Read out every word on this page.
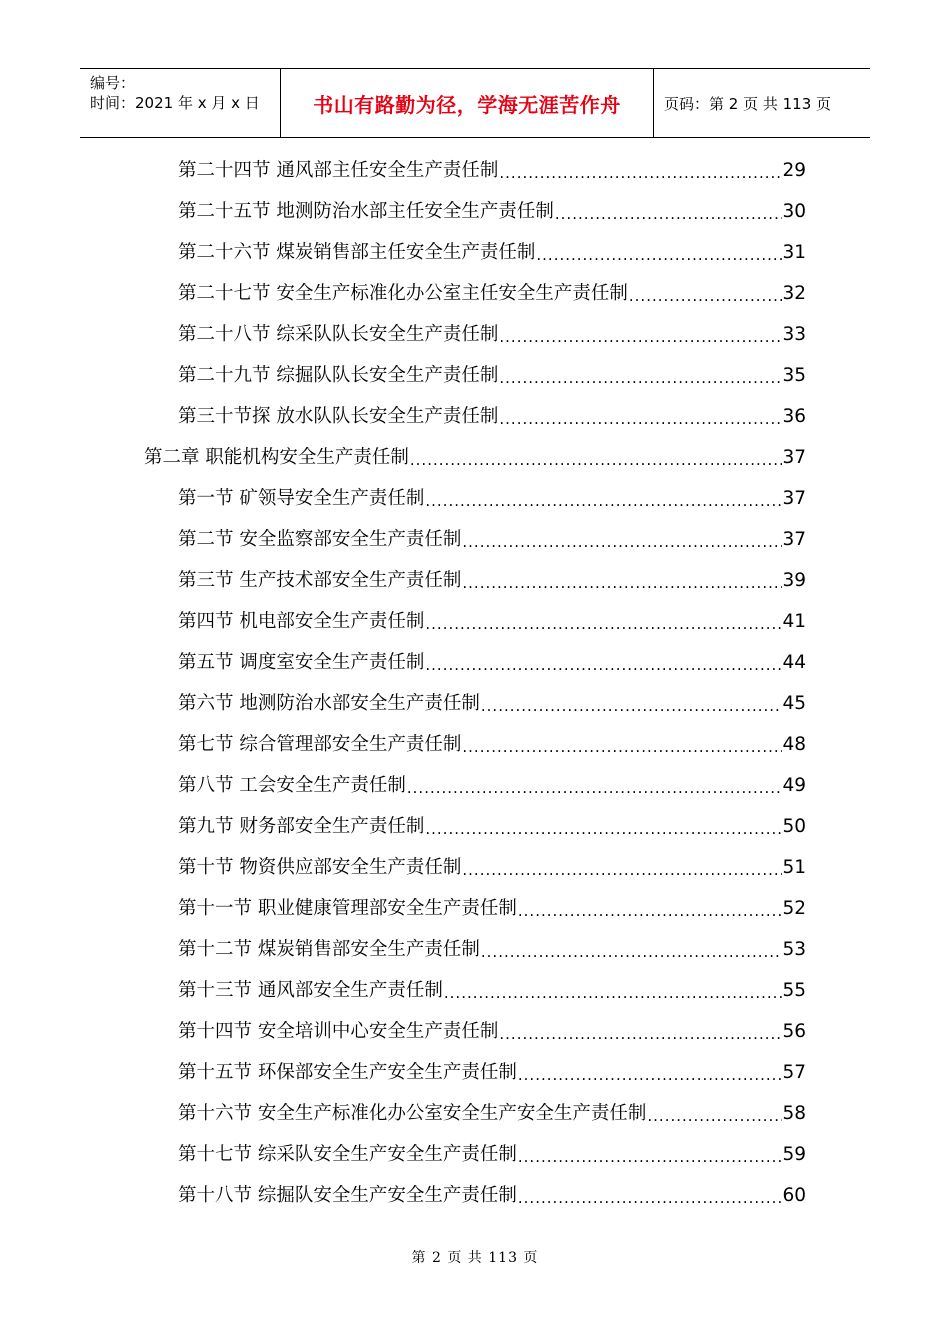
编号：
时间：2021 年 x 月 x 日	书山有路勤为径，学海无涯苦作舟	页码：第 2 页 共 113 页
第二十四节 通风部主任安全生产责任制 .....	29
第二十五节 地测防治水部主任安全生产责任制 .....	30
第二十六节 煤炭销售部主任安全生产责任制 .....	31
第二十七节 安全生产标准化办公室主任安全生产责任制 .....	32
第二十八节 综采队队长安全生产责任制 .....	33
第二十九节 综掘队队长安全生产责任制 .....	35
第三十节探 放水队队长安全生产责任制 .....	36
第二章 职能机构安全生产责任制 .....	37
第一节 矿领导安全生产责任制 .....	37
第二节 安全监察部安全生产责任制 .....	37
第三节 生产技术部安全生产责任制 .....	39
第四节 机电部安全生产责任制 .....	41
第五节 调度室安全生产责任制 .....	44
第六节 地测防治水部安全生产责任制 .....	45
第七节 综合管理部安全生产责任制 .....	48
第八节 工会安全生产责任制 .....	49
第九节 财务部安全生产责任制 .....	50
第十节 物资供应部安全生产责任制 .....	51
第十一节 职业健康管理部安全生产责任制 .....	52
第十二节 煤炭销售部安全生产责任制 .....	53
第十三节 通风部安全生产责任制 .....	55
第十四节 安全培训中心安全生产责任制 .....	56
第十五节 环保部安全生产安全生产责任制 .....	57
第十六节 安全生产标准化办公室安全生产安全生产责任制 .....	58
第十七节 综采队安全生产安全生产责任制 .....	59
第十八节 综掘队安全生产安全生产责任制 .....	60
第 2 页 共 113 页
